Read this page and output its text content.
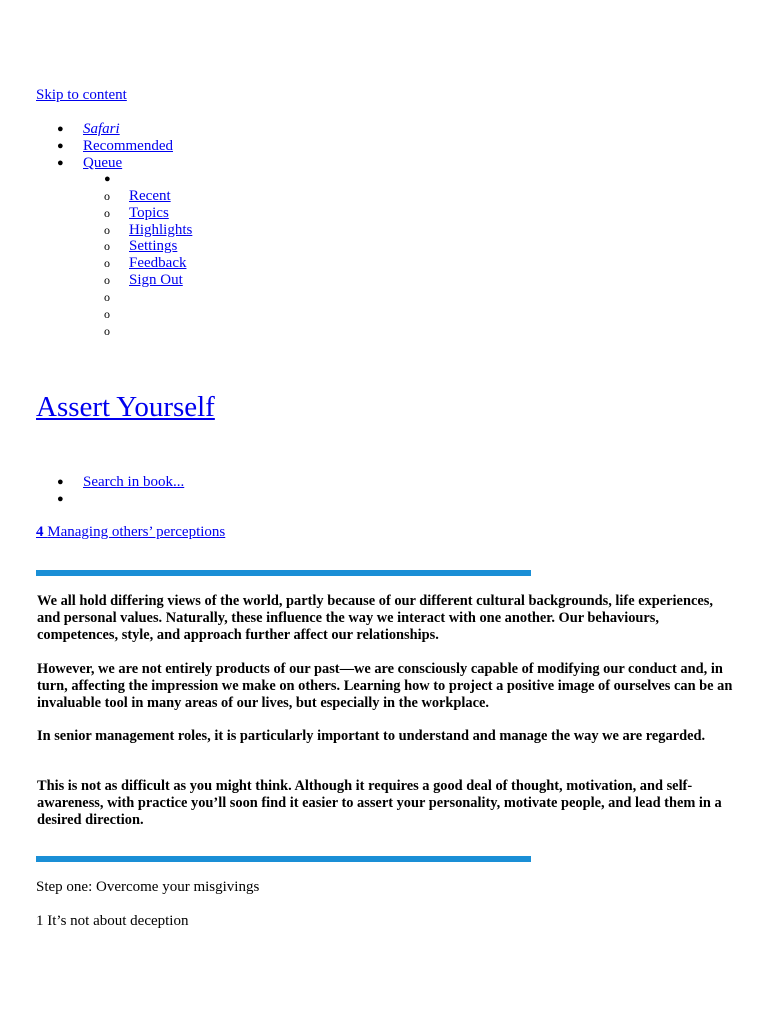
Skip to content
● Safari
● Recommended
● Queue
●
o Recent
o Topics
o Highlights
o Settings
o Feedback
o Sign Out
o
o
o
Assert Yourself
● Search in book...
●
4 Managing others’ perceptions

We all hold differing views of the world, partly because of our different cultural backgrounds, life experiences, and personal values. Naturally, these influence the way we interact with one another. Our behaviours, competences, style, and approach further affect our relationships.

However, we are not entirely products of our past—we are consciously capable of modifying our conduct and, in turn, affecting the impression we make on others. Learning how to project a positive image of ourselves can be an invaluable tool in many areas of our lives, but especially in the workplace.

In senior management roles, it is particularly important to understand and manage the way we are regarded.

This is not as difficult as you might think. Although it requires a good deal of thought, motivation, and self-awareness, with practice you’ll soon find it easier to assert your personality, motivate people, and lead them in a desired direction.

Step one: Overcome your misgivings
1 It’s not about deception
